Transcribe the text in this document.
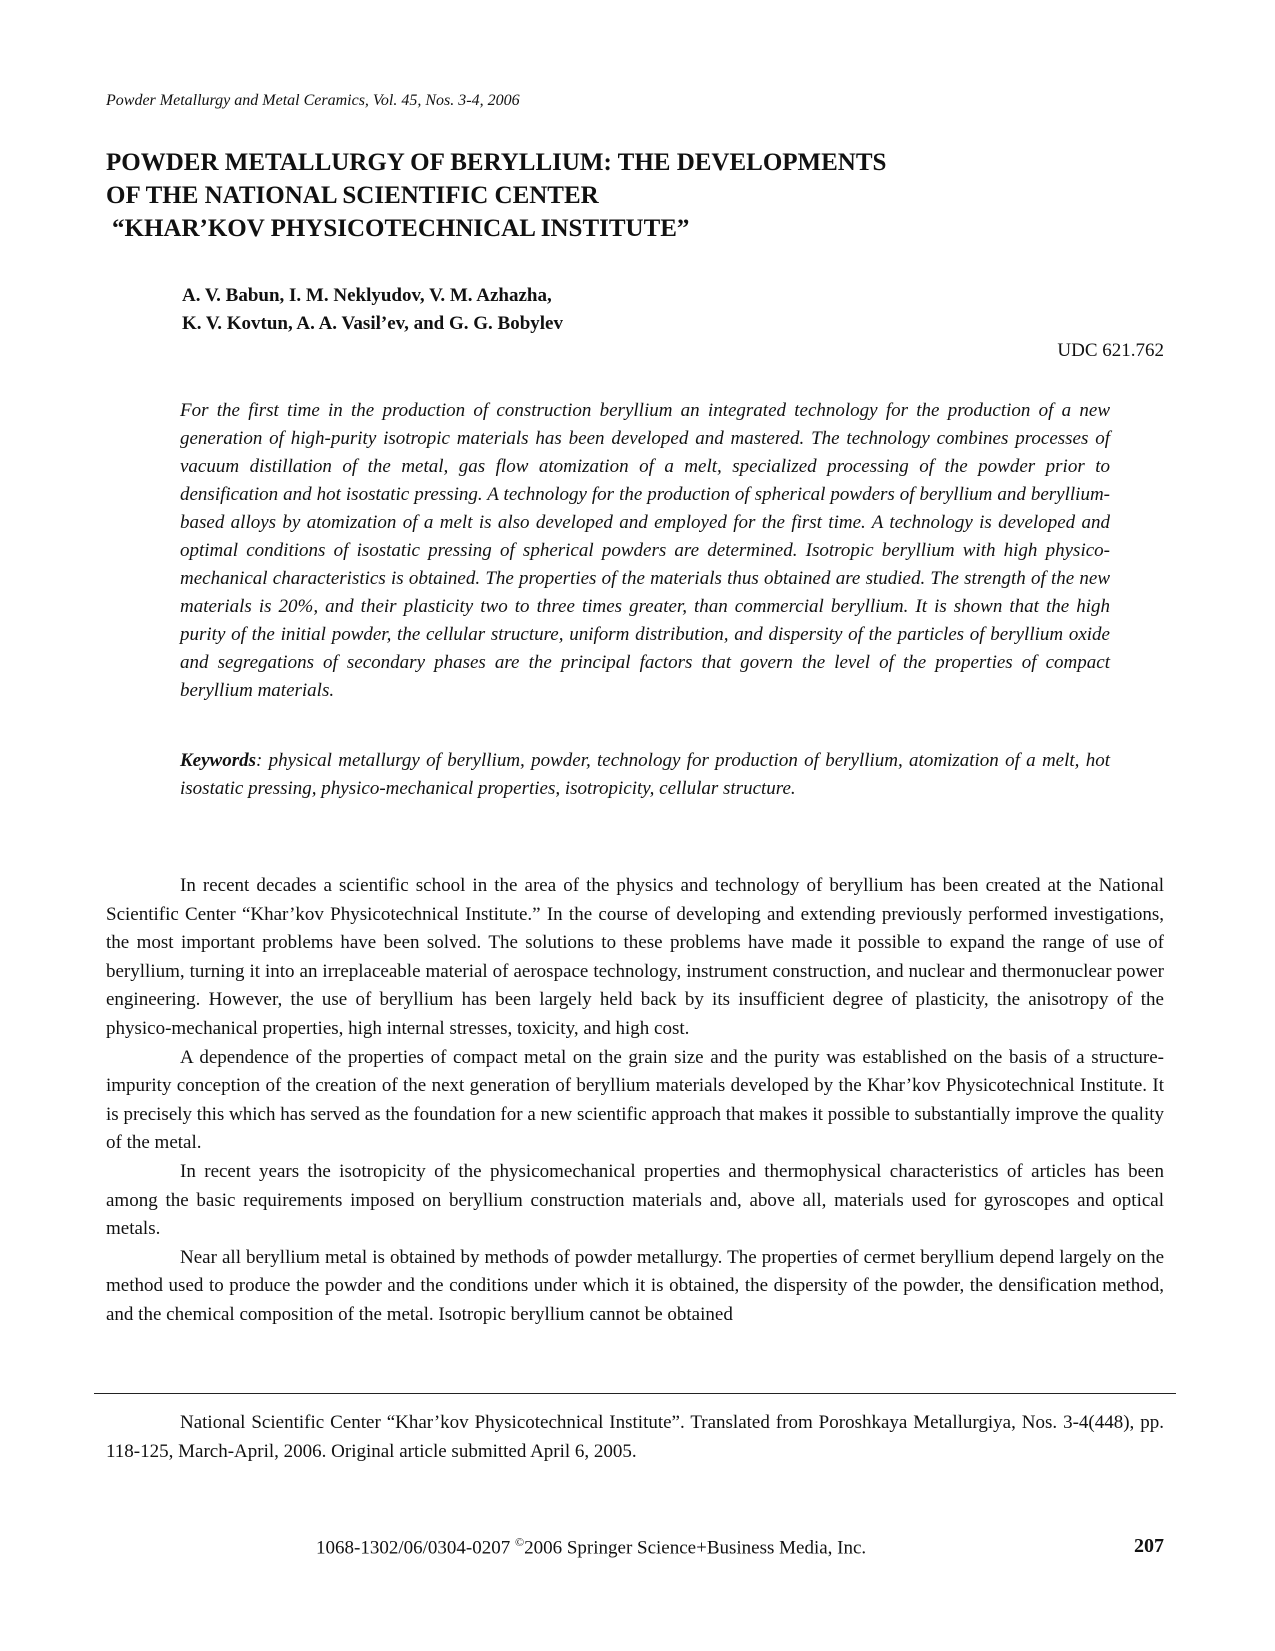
Powder Metallurgy and Metal Ceramics, Vol. 45, Nos. 3-4, 2006
POWDER METALLURGY OF BERYLLIUM: THE DEVELOPMENTS
OF THE NATIONAL SCIENTIFIC CENTER
“KHAR’KOV PHYSICOTECHNICAL INSTITUTE”
A. V. Babun, I. M. Neklyudov, V. M. Azhazha,
K. V. Kovtun, A. A. Vasil’ev, and G. G. Bobylev
UDC 621.762

For the first time in the production of construction beryllium an integrated technology for the production of a new generation of high-purity isotropic materials has been developed and mastered. The technology combines processes of vacuum distillation of the metal, gas flow atomization of a melt, specialized processing of the powder prior to densification and hot isostatic pressing. A technology for the production of spherical powders of beryllium and beryllium-based alloys by atomization of a melt is also developed and employed for the first time. A technology is developed and optimal conditions of isostatic pressing of spherical powders are determined. Isotropic beryllium with high physico-mechanical characteristics is obtained. The properties of the materials thus obtained are studied. The strength of the new materials is 20%, and their plasticity two to three times greater, than commercial beryllium. It is shown that the high purity of the initial powder, the cellular structure, uniform distribution, and dispersity of the particles of beryllium oxide and segregations of secondary phases are the principal factors that govern the level of the properties of compact beryllium materials.

Keywords: physical metallurgy of beryllium, powder, technology for production of beryllium, atomization of a melt, hot isostatic pressing, physico-mechanical properties, isotropicity, cellular structure.

In recent decades a scientific school in the area of the physics and technology of beryllium has been created at the National Scientific Center “Khar’kov Physicotechnical Institute.” In the course of developing and extending previously performed investigations, the most important problems have been solved. The solutions to these problems have made it possible to expand the range of use of beryllium, turning it into an irreplaceable material of aerospace technology, instrument construction, and nuclear and thermonuclear power engineering. However, the use of beryllium has been largely held back by its insufficient degree of plasticity, the anisotropy of the physico-mechanical properties, high internal stresses, toxicity, and high cost.

A dependence of the properties of compact metal on the grain size and the purity was established on the basis of a structure-impurity conception of the creation of the next generation of beryllium materials developed by the Khar’kov Physicotechnical Institute. It is precisely this which has served as the foundation for a new scientific approach that makes it possible to substantially improve the quality of the metal.

In recent years the isotropicity of the physicomechanical properties and thermophysical characteristics of articles has been among the basic requirements imposed on beryllium construction materials and, above all, materials used for gyroscopes and optical metals.

Near all beryllium metal is obtained by methods of powder metallurgy. The properties of cermet beryllium depend largely on the method used to produce the powder and the conditions under which it is obtained, the dispersity of the powder, the densification method, and the chemical composition of the metal. Isotropic beryllium cannot be obtained

National Scientific Center “Khar’kov Physicotechnical Institute”. Translated from Poroshkaya Metallurgiya, Nos. 3-4(448), pp. 118-125, March-April, 2006. Original article submitted April 6, 2005.

1068-1302/06/0304-0207 ©2006 Springer Science+Business Media, Inc.	207
